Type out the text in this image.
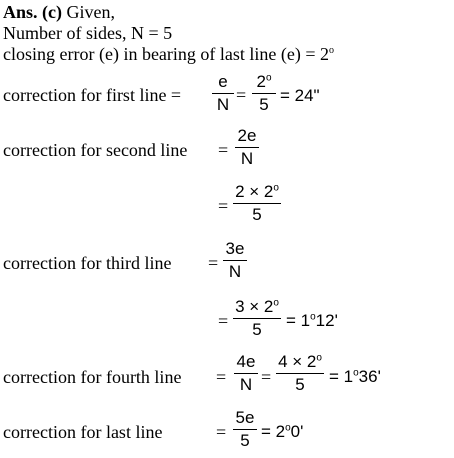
Ans. (c) Given,
Number of sides, N = 5
closing error (e) in bearing of last line $(e) = 2^o$
correction for first line =
e
N =
$2^o$
5 = 24"
correction for second line =
2e
N
=
$2 \times 2^o$
5
correction for third line =
3e
N
=
$3 \times 2^o$
5	= $1^o12'$
correction for fourth line =
4e
N =
$4 \times 2^o$
5	= $1^o36'$
correction for last line	=
5e
$5 = 2^o0'$
